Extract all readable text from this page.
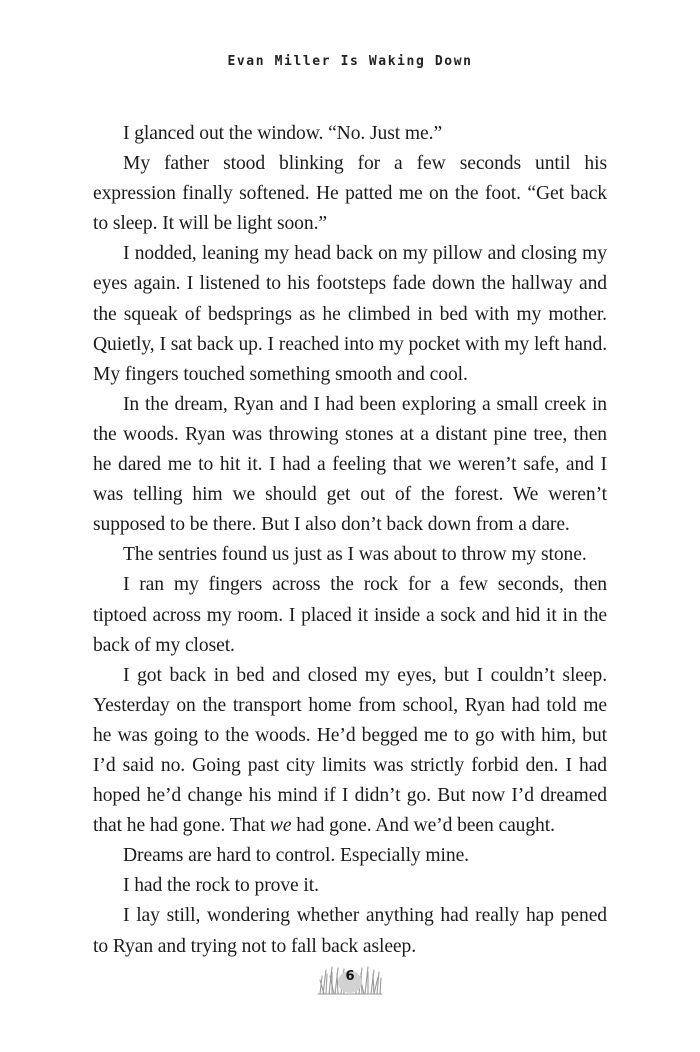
Evan Miller Is Waking Down

I glanced out the window. “No. Just me.”

My father stood blinking for a few seconds until his expression finally softened. He patted me on the foot. “Get back to sleep. It will be light soon.”

I nodded, leaning my head back on my pillow and closing my eyes again. I listened to his footsteps fade down the hallway and the squeak of bedsprings as he climbed in bed with my mother. Quietly, I sat back up. I reached into my pocket with my left hand. My fingers touched something smooth and cool.

In the dream, Ryan and I had been exploring a small creek in the woods. Ryan was throwing stones at a distant pine tree, then he dared me to hit it. I had a feeling that we weren’t safe, and I was telling him we should get out of the forest. We weren’t supposed to be there. But I also don’t back down from a dare.

The sentries found us just as I was about to throw my stone.

I ran my fingers across the rock for a few seconds, then tiptoed across my room. I placed it inside a sock and hid it in the back of my closet.

I got back in bed and closed my eyes, but I couldn’t sleep. Yesterday on the transport home from school, Ryan had told me he was going to the woods. He’d begged me to go with him, but I’d said no. Going past city limits was strictly forbid den. I had hoped he’d change his mind if I didn’t go. But now I’d dreamed that he had gone. That we had gone. And we’d been caught.

Dreams are hard to control. Especially mine.

I had the rock to prove it.

I lay still, wondering whether anything had really hap pened to Ryan and trying not to fall back asleep.

6
